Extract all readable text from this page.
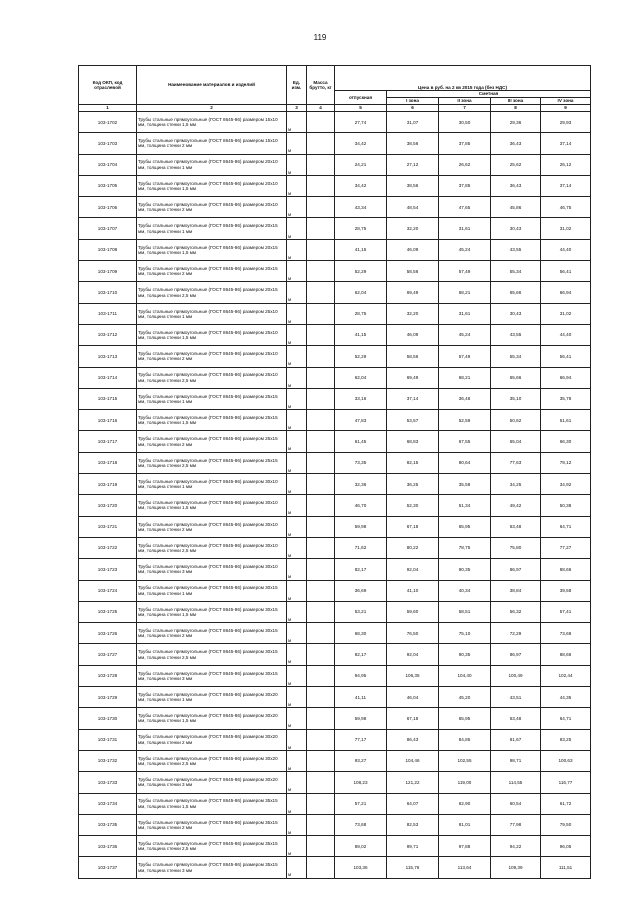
119
Код ОКП, код отраслевой	Наименование материалов и изделий	Ед. изм.	Масса брутто, кг	Цена в руб. на 2 кв 2015 года (без НДС)				
				отпускная	Сметная			
					I зона	II зона	III зона	IV зона
1	2	3	4	5	6	7	8	9
103-1702	Трубы стальные прямоугольные (ГОСТ 8645-86) размером 15х10 мм, толщина стенки 1,5 мм	м		27,74	31,07	30,50	29,36	29,93
103-1703	Трубы стальные прямоугольные (ГОСТ 8645-86) размером 15х10 мм, толщина стенки 2 мм	м		34,42	38,56	37,85	36,43	37,14
103-1704	Трубы стальные прямоугольные (ГОСТ 8645-86) размером 20х10 мм, толщина стенки 1 мм	м		24,21	27,12	26,62	25,62	26,12
103-1705	Трубы стальные прямоугольные (ГОСТ 8645-86) размером 20х10 мм, толщина стенки 1,5 мм	м		34,42	38,56	37,85	36,43	37,14
103-1706	Трубы стальные прямоугольные (ГОСТ 8645-86) размером 20х10 мм, толщина стенки 2 мм	м		43,34	48,54	47,65	45,86	46,75
103-1707	Трубы стальные прямоугольные (ГОСТ 8645-86) размером 20х15 мм, толщина стенки 1 мм	м		28,75	32,20	31,61	30,43	31,02
103-1708	Трубы стальные прямоугольные (ГОСТ 8645-86) размером 20х15 мм, толщина стенки 1,5 мм	м		41,15	46,09	45,24	43,55	44,40
103-1709	Трубы стальные прямоугольные (ГОСТ 8645-86) размером 20х15 мм, толщина стенки 2 мм	м		52,29	58,56	57,49	55,34	56,41
103-1710	Трубы стальные прямоугольные (ГОСТ 8645-86) размером 20х15 мм, толщина стенки 2,5 мм	м		62,04	69,49	68,21	65,66	66,94
103-1711	Трубы стальные прямоугольные (ГОСТ 8645-86) размером 25х10 мм, толщина стенки 1 мм	м		28,75	32,20	31,61	30,43	31,02
103-1712	Трубы стальные прямоугольные (ГОСТ 8645-86) размером 25х10 мм, толщина стенки 1,5 мм	м		41,15	46,09	45,24	43,55	44,40
103-1713	Трубы стальные прямоугольные (ГОСТ 8645-86) размером 25х10 мм, толщина стенки 2 мм	м		52,29	58,56	57,49	55,34	56,41
103-1714	Трубы стальные прямоугольные (ГОСТ 8645-86) размером 25х10 мм, толщина стенки 2,5 мм	м		62,04	69,49	68,21	65,66	66,94
103-1715	Трубы стальные прямоугольные (ГОСТ 8645-86) размером 25х15 мм, толщина стенки 1 мм	м		33,16	37,14	36,46	35,10	35,78
103-1716	Трубы стальные прямоугольные (ГОСТ 8645-86) размером 25х15 мм, толщина стенки 1,5 мм	м		47,83	53,57	52,59	50,62	51,61
103-1717	Трубы стальные прямоугольные (ГОСТ 8645-86) размером 25х15 мм, толщина стенки 2 мм	м		61,45	68,83	67,55	65,04	66,30
103-1718	Трубы стальные прямоугольные (ГОСТ 8645-86) размером 25х15 мм, толщина стенки 2,5 мм	м		73,35	82,15	80,64	77,63	79,12
103-1719	Трубы стальные прямоугольные (ГОСТ 8645-86) размером 30х10 мм, толщина стенки 1 мм	м		32,36	36,25	35,58	34,25	34,92
103-1720	Трубы стальные прямоугольные (ГОСТ 8645-86) размером 30х10 мм, толщина стенки 1,5 мм	м		46,70	52,30	51,34	49,42	50,38
103-1721	Трубы стальные прямоугольные (ГОСТ 8645-86) размером 30х10 мм, толщина стенки 2 мм	м		59,98	67,18	65,95	63,48	64,71
103-1722	Трубы стальные прямоугольные (ГОСТ 8645-86) размером 30х10 мм, толщина стенки 2,5 мм	м		71,62	80,22	78,75	75,80	77,27
103-1723	Трубы стальные прямоугольные (ГОСТ 8645-86) размером 30х10 мм, толщина стенки 3 мм	м		82,17	92,04	90,35	86,97	88,66
103-1724	Трубы стальные прямоугольные (ГОСТ 8645-86) размером 30х15 мм, толщина стенки 1 мм	м		36,69	41,10	40,34	38,84	39,58
103-1725	Трубы стальные прямоугольные (ГОСТ 8645-86) размером 30х15 мм, толщина стенки 1,5 мм	м		53,21	59,60	58,51	56,32	57,41
103-1726	Трубы стальные прямоугольные (ГОСТ 8645-86) размером 30х15 мм, толщина стенки 2 мм	м		68,30	76,50	75,10	72,29	73,69
103-1727	Трубы стальные прямоугольные (ГОСТ 8645-86) размером 30х15 мм, толщина стенки 2,5 мм	м		82,17	92,04	90,35	86,97	88,66
103-1728	Трубы стальные прямоугольные (ГОСТ 8645-86) размером 30х15 мм, толщина стенки 3 мм	м		94,95	106,35	104,40	100,49	102,44
103-1729	Трубы стальные прямоугольные (ГОСТ 8645-86) размером 30х20 мм, толщина стенки 1 мм	м		41,11	46,04	45,20	43,51	44,35
103-1730	Трубы стальные прямоугольные (ГОСТ 8645-86) размером 30х20 мм, толщина стенки 1,5 мм	м		59,98	67,18	65,95	63,48	64,71
103-1731	Трубы стальные прямоугольные (ГОСТ 8645-86) размером 30х20 мм, толщина стенки 2 мм	м		77,17	86,43	84,85	81,67	83,25
103-1732	Трубы стальные прямоугольные (ГОСТ 8645-86) размером 30х20 мм, толщина стенки 2,5 мм	м		93,27	104,46	102,55	98,71	100,63
103-1733	Трубы стальные прямоугольные (ГОСТ 8645-86) размером 30х20 мм, толщина стенки 3 мм	м		108,23	121,22	119,00	114,55	116,77
103-1734	Трубы стальные прямоугольные (ГОСТ 8645-86) размером 35х15 мм, толщина стенки 1,5 мм	м		57,21	64,07	62,90	60,54	61,72
103-1735	Трубы стальные прямоугольные (ГОСТ 8645-86) размером 35х15 мм, толщина стенки 2 мм	м		73,68	82,53	81,01	77,98	79,50
103-1736	Трубы стальные прямоугольные (ГОСТ 8645-86) размером 35х15 мм, толщина стенки 2,5 мм	м		89,02	99,71	97,88	94,22	96,05
103-1737	Трубы стальные прямоугольные (ГОСТ 8645-86) размером 35х15 мм, толщина стенки 3 мм	м		103,36	115,76	113,64	109,39	111,51
